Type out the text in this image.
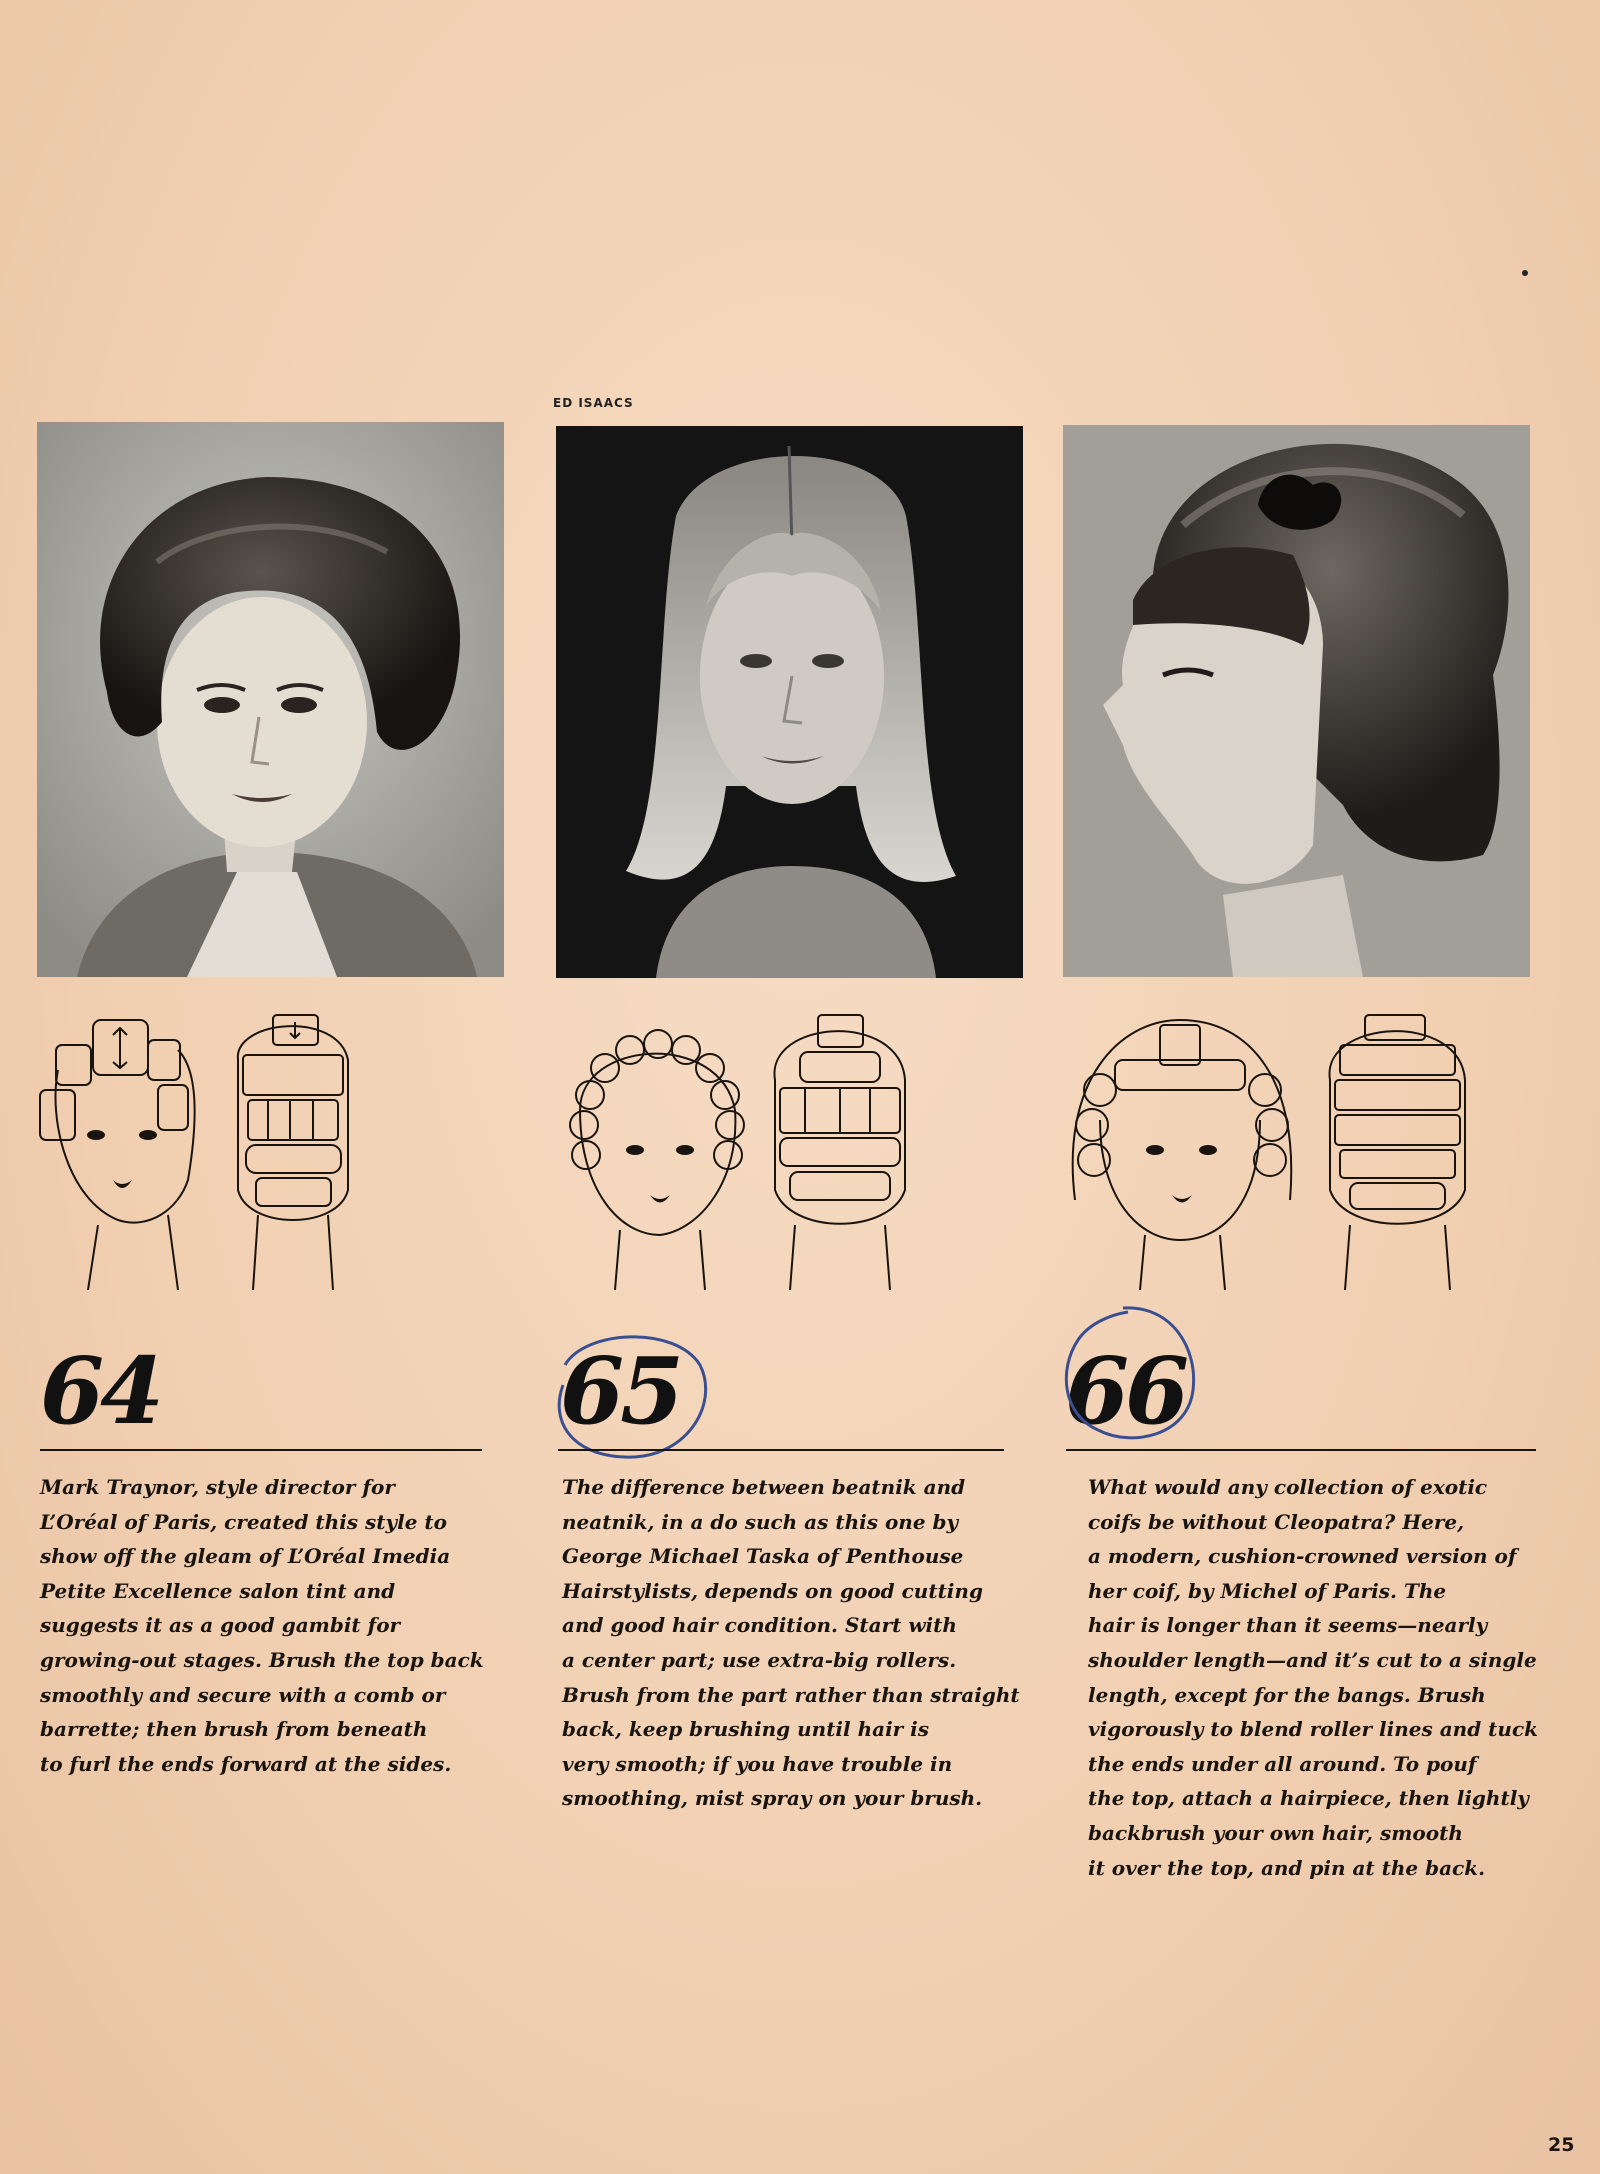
ED ISAACS
64	65	66
Mark Traynor, style director for
L’Oréal of Paris, created this style to
show off the gleam of L’Oréal Imedia
Petite Excellence salon tint and
suggests it as a good gambit for
growing-out stages. Brush the top back
smoothly and secure with a comb or
barrette; then brush from beneath
to furl the ends forward at the sides.
The difference between beatnik and
neatnik, in a do such as this one by
George Michael Taska of Penthouse
Hairstylists, depends on good cutting
and good hair condition. Start with
a center part; use extra-big rollers.
Brush from the part rather than straight
back, keep brushing until hair is
very smooth; if you have trouble in
smoothing, mist spray on your brush.
What would any collection of exotic
coifs be without Cleopatra? Here,
a modern, cushion-crowned version of
her coif, by Michel of Paris. The
hair is longer than it seems—nearly
shoulder length—and it’s cut to a single
length, except for the bangs. Brush
vigorously to blend roller lines and tuck
the ends under all around. To pouf
the top, attach a hairpiece, then lightly
backbrush your own hair, smooth
it over the top, and pin at the back.
25
